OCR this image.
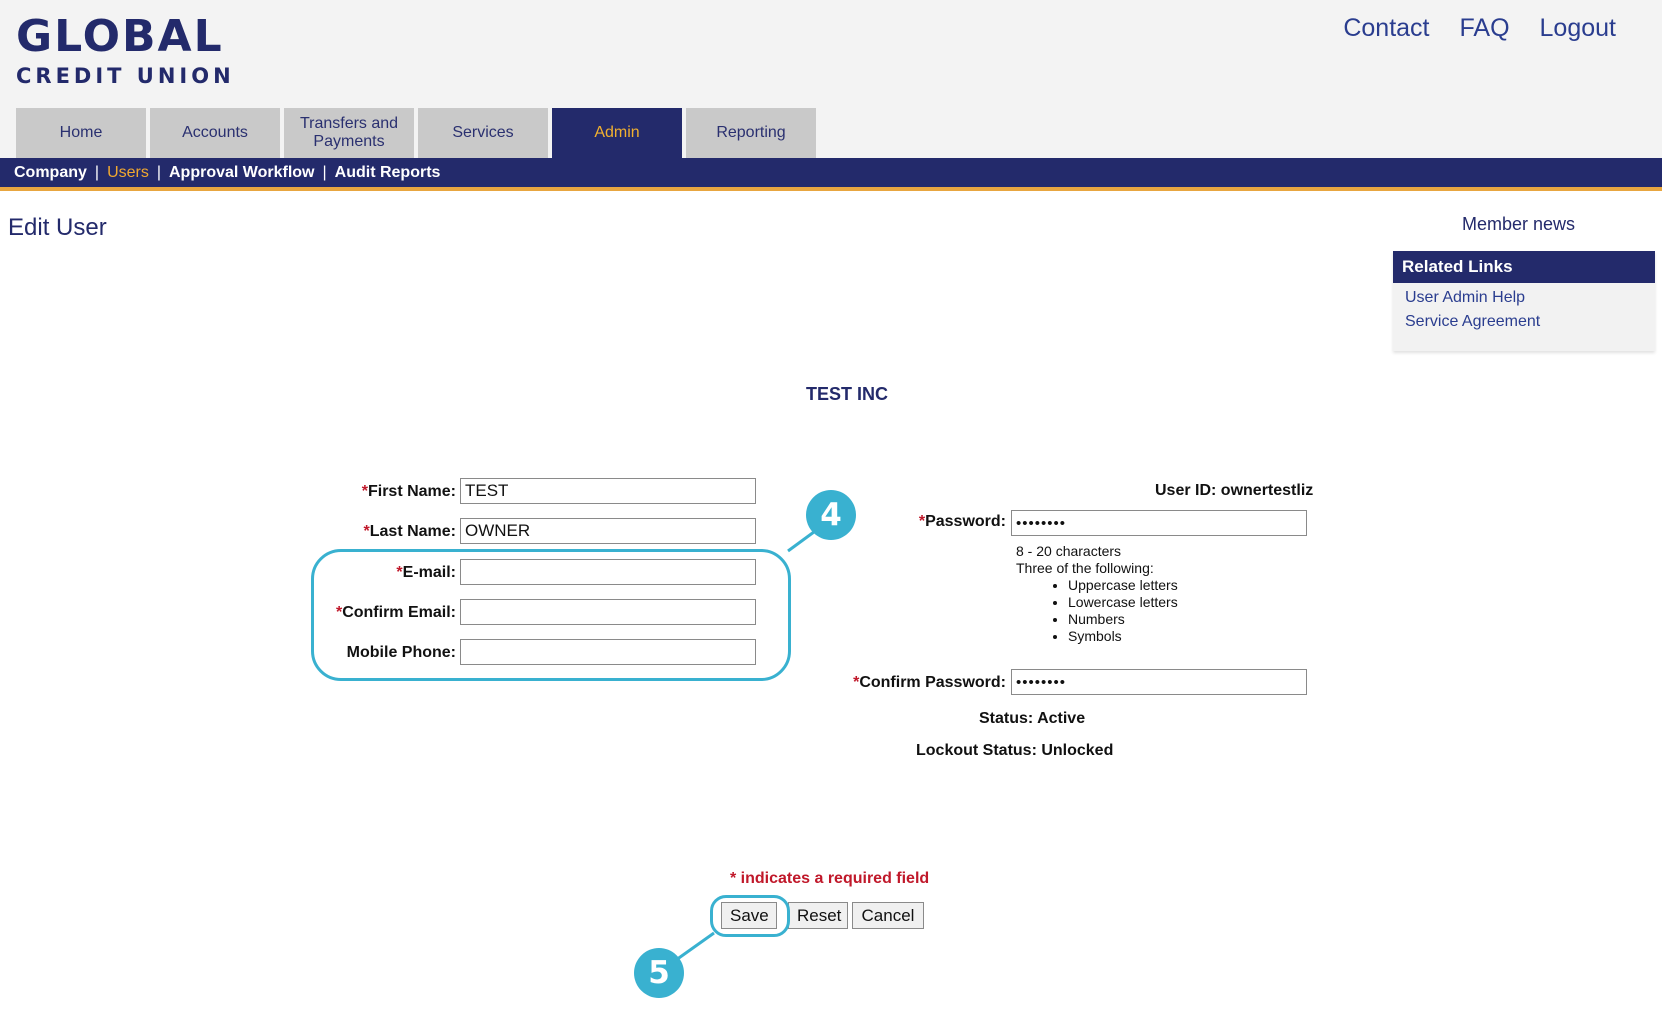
GLOBAL
CREDIT UNION
Contact FAQ Logout
Home	Accounts
Transfers and Payments
Services	Admin	Reporting
Company | Users | Approval Workflow | Audit Reports
Edit User	Member news
Related Links
User Admin Help
Service Agreement
TEST INC
*First Name:
TEST
*Last Name:
OWNER
*E-mail:
*Confirm Email:
Mobile Phone:
User ID: ownertestliz
*Password:
••••••••
8 - 20 characters
Three of the following:
• Uppercase letters
• Lowercase letters
• Numbers
• Symbols
*Confirm Password:
••••••••
Status: Active
Lockout Status: Unlocked
* indicates a required field
Save	Reset	Cancel
4
5
